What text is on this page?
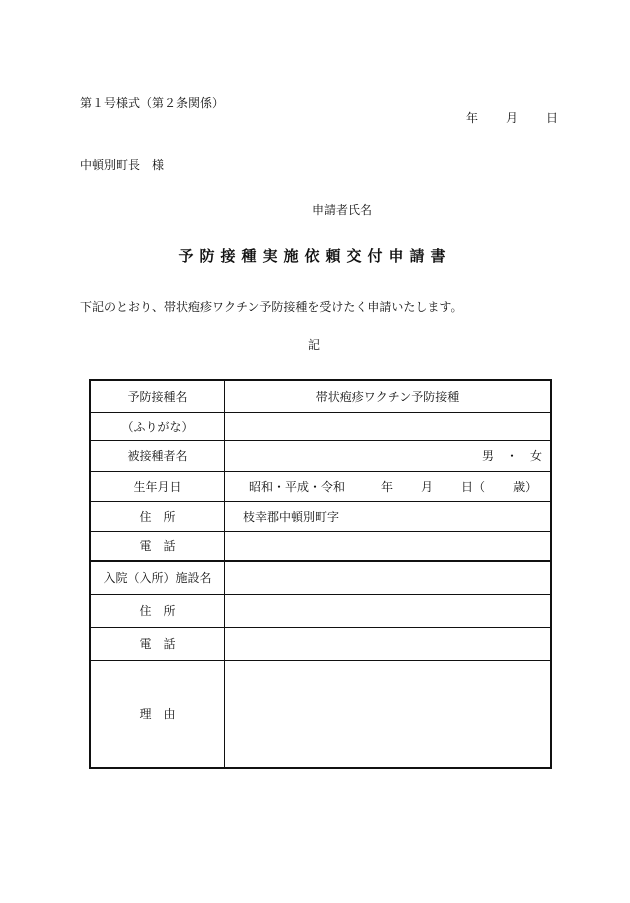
第１号様式（第２条関係）
年 月 日
中頓別町長　様
申請者氏名
予防接種実施依頼交付申請書
下記のとおり、帯状疱疹ワクチン予防接種を受けたく申請いたします。
記
予防接種名	帯状疱疹ワクチン予防接種
（ふりがな）	
被接種者名	男　・　女
生年月日	昭和・平成・令和 年 月 日（ 歳）
住　所	枝幸郡中頓別町字
電　話	
入院（入所）施設名	
住　所	
電　話	
理　由	
